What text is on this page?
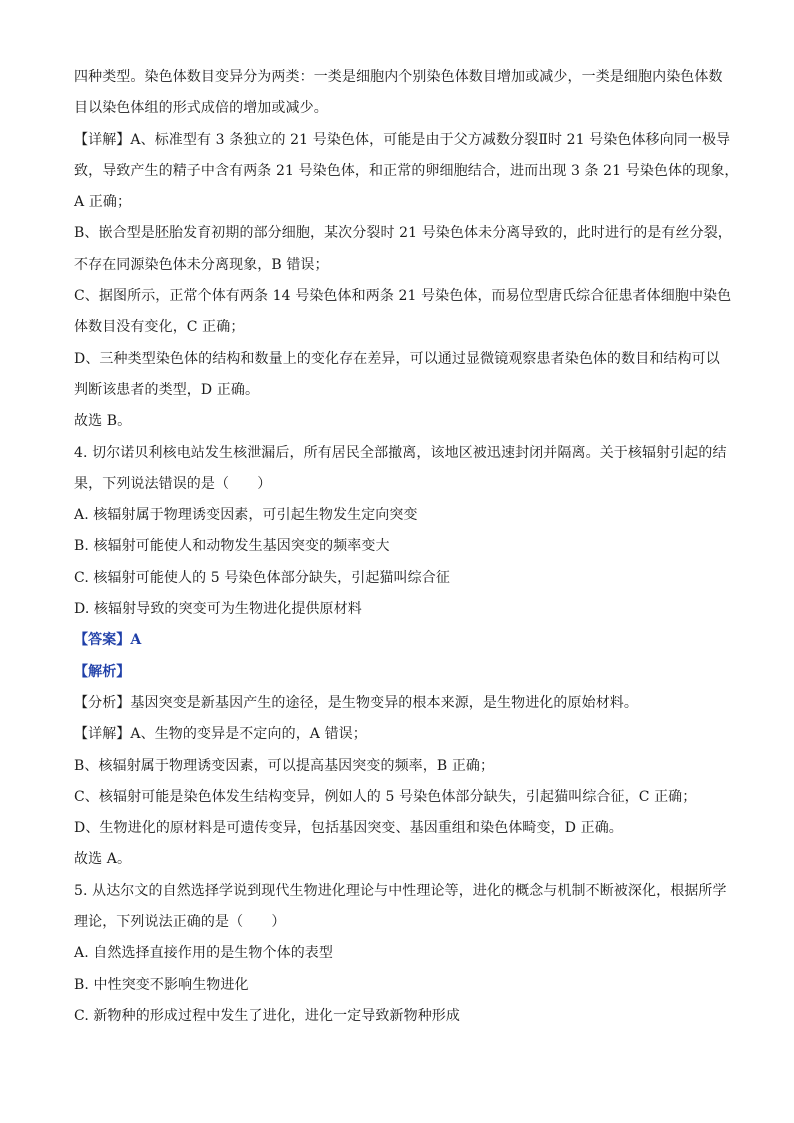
四种类型。染色体数目变异分为两类：一类是细胞内个别染色体数目增加或减少，一类是细胞内染色体数
目以染色体组的形式成倍的增加或减少。
【详解】A、标准型有 3 条独立的 21 号染色体，可能是由于父方减数分裂Ⅱ时 21 号染色体移向同一极导
致，导致产生的精子中含有两条 21 号染色体，和正常的卵细胞结合，进而出现 3 条 21 号染色体的现象，
A 正确；
B、嵌合型是胚胎发育初期的部分细胞，某次分裂时 21 号染色体未分离导致的，此时进行的是有丝分裂，
不存在同源染色体未分离现象，B 错误；
C、据图所示，正常个体有两条 14 号染色体和两条 21 号染色体，而易位型唐氏综合征患者体细胞中染色
体数目没有变化，C 正确；
D、三种类型染色体的结构和数量上的变化存在差异，可以通过显微镜观察患者染色体的数目和结构可以
判断该患者的类型，D 正确。
故选 B。
4. 切尔诺贝利核电站发生核泄漏后，所有居民全部撤离，该地区被迅速封闭并隔离。关于核辐射引起的结
果，下列说法错误的是（　　）
A. 核辐射属于物理诱变因素，可引起生物发生定向突变
B. 核辐射可能使人和动物发生基因突变的频率变大
C. 核辐射可能使人的 5 号染色体部分缺失，引起猫叫综合征
D. 核辐射导致的突变可为生物进化提供原材料
【答案】A
【解析】
【分析】基因突变是新基因产生的途径，是生物变异的根本来源，是生物进化的原始材料。
【详解】A、生物的变异是不定向的，A 错误；
B、核辐射属于物理诱变因素，可以提高基因突变的频率，B 正确；
C、核辐射可能是染色体发生结构变异，例如人的 5 号染色体部分缺失，引起猫叫综合征，C 正确；
D、生物进化的原材料是可遗传变异，包括基因突变、基因重组和染色体畸变，D 正确。
故选 A。
5. 从达尔文的自然选择学说到现代生物进化理论与中性理论等，进化的概念与机制不断被深化，根据所学
理论，下列说法正确的是（　　）
A. 自然选择直接作用的是生物个体的表型
B. 中性突变不影响生物进化
C. 新物种的形成过程中发生了进化，进化一定导致新物种形成
